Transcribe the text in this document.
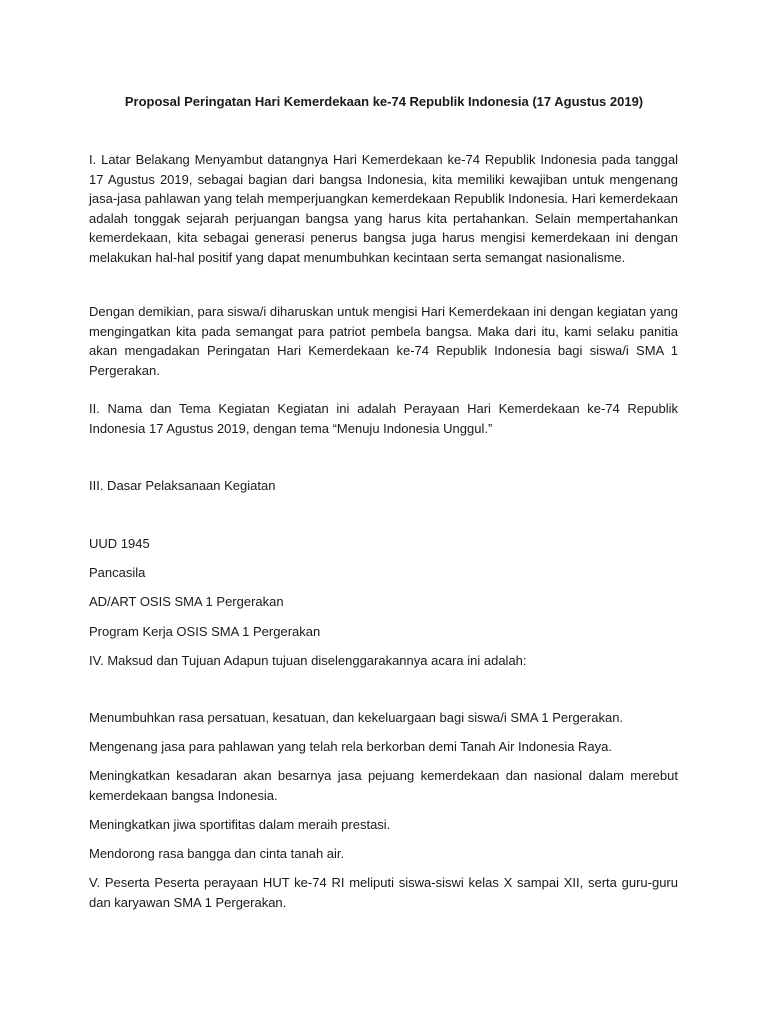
Proposal Peringatan Hari Kemerdekaan ke-74 Republik Indonesia (17 Agustus 2019)

I. Latar Belakang Menyambut datangnya Hari Kemerdekaan ke-74 Republik Indonesia pada tanggal 17 Agustus 2019, sebagai bagian dari bangsa Indonesia, kita memiliki kewajiban untuk mengenang jasa-jasa pahlawan yang telah memperjuangkan kemerdekaan Republik Indonesia. Hari kemerdekaan adalah tonggak sejarah perjuangan bangsa yang harus kita pertahankan. Selain mempertahankan kemerdekaan, kita sebagai generasi penerus bangsa juga harus mengisi kemerdekaan ini dengan melakukan hal-hal positif yang dapat menumbuhkan kecintaan serta semangat nasionalisme.

Dengan demikian, para siswa/i diharuskan untuk mengisi Hari Kemerdekaan ini dengan kegiatan yang mengingatkan kita pada semangat para patriot pembela bangsa. Maka dari itu, kami selaku panitia akan mengadakan Peringatan Hari Kemerdekaan ke-74 Republik Indonesia bagi siswa/i SMA 1 Pergerakan.

II. Nama dan Tema Kegiatan Kegiatan ini adalah Perayaan Hari Kemerdekaan ke-74 Republik Indonesia 17 Agustus 2019, dengan tema “Menuju Indonesia Unggul.”

III. Dasar Pelaksanaan Kegiatan

UUD 1945

Pancasila

AD/ART OSIS SMA 1 Pergerakan

Program Kerja OSIS SMA 1 Pergerakan

IV. Maksud dan Tujuan Adapun tujuan diselenggarakannya acara ini adalah:

Menumbuhkan rasa persatuan, kesatuan, dan kekeluargaan bagi siswa/i SMA 1 Pergerakan.

Mengenang jasa para pahlawan yang telah rela berkorban demi Tanah Air Indonesia Raya.

Meningkatkan kesadaran akan besarnya jasa pejuang kemerdekaan dan nasional dalam merebut kemerdekaan bangsa Indonesia.

Meningkatkan jiwa sportifitas dalam meraih prestasi.

Mendorong rasa bangga dan cinta tanah air.

V. Peserta Peserta perayaan HUT ke-74 RI meliputi siswa-siswi kelas X sampai XII, serta guru-guru dan karyawan SMA 1 Pergerakan.
